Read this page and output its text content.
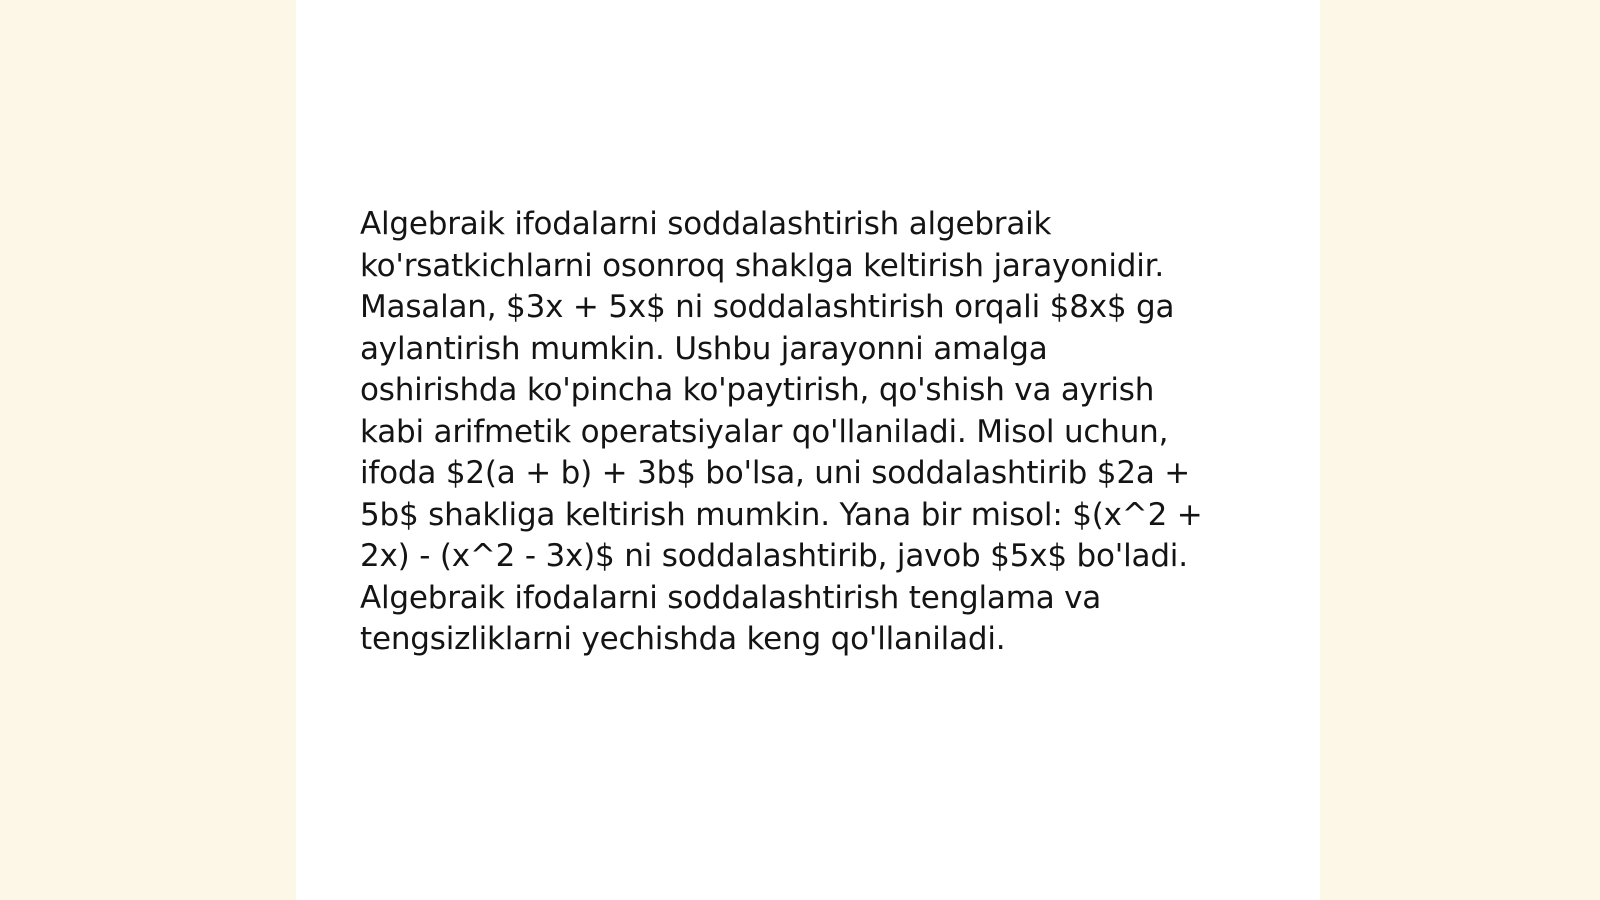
Algebraik ifodalarni soddalashtirish algebraik
ko'rsatkichlarni osonroq shaklga keltirish jarayonidir.
Masalan, $3x + 5x$ ni soddalashtirish orqali $8x$ ga
aylantirish mumkin. Ushbu jarayonni amalga
oshirishda ko'pincha ko'paytirish, qo'shish va ayrish
kabi arifmetik operatsiyalar qo'llaniladi. Misol uchun,
ifoda $2(a + b) + 3b$ bo'lsa, uni soddalashtirib $2a +
5b$ shakliga keltirish mumkin. Yana bir misol: $(x^2 +
2x) - (x^2 - 3x)$ ni soddalashtirib, javob $5x$ bo'ladi.
Algebraik ifodalarni soddalashtirish tenglama va
tengsizliklarni yechishda keng qo'llaniladi.
